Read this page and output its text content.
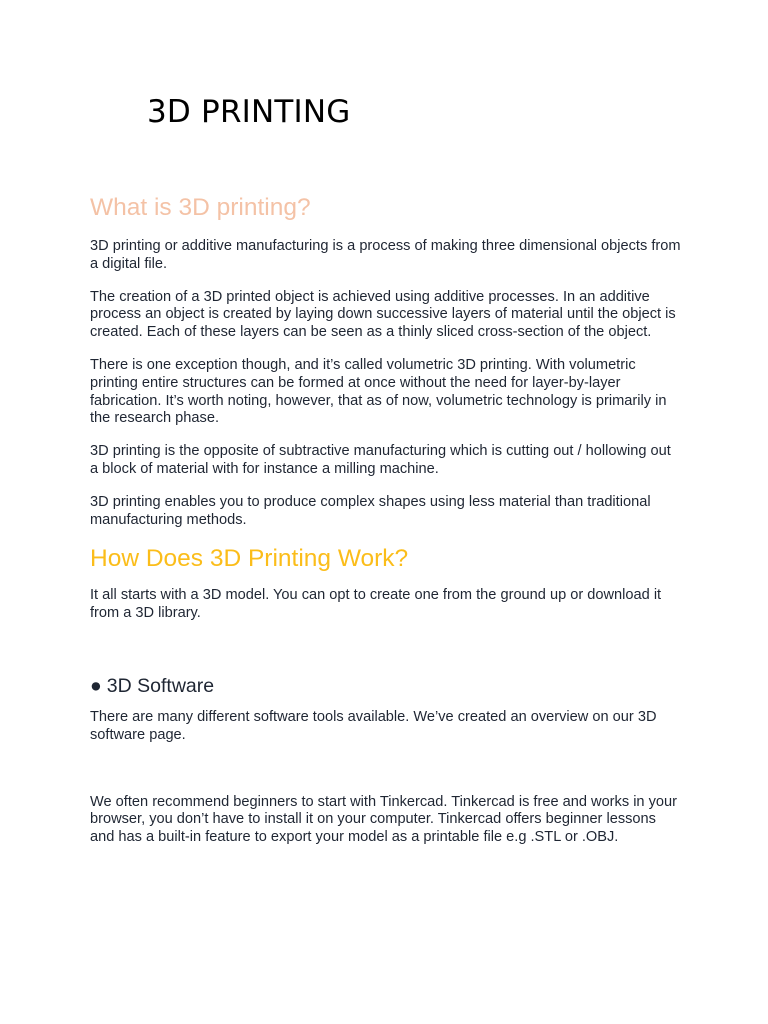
3D PRINTING
What is 3D printing?

3D printing or additive manufacturing is a process of making three dimensional objects from a digital file.

The creation of a 3D printed object is achieved using additive processes. In an additive process an object is created by laying down successive layers of material until the object is created. Each of these layers can be seen as a thinly sliced cross-section of the object.

There is one exception though, and it’s called volumetric 3D printing. With volumetric printing entire structures can be formed at once without the need for layer-by-layer fabrication. It’s worth noting, however, that as of now, volumetric technology is primarily in the research phase.

3D printing is the opposite of subtractive manufacturing which is cutting out / hollowing out a block of material with for instance a milling machine.

3D printing enables you to produce complex shapes using less material than traditional manufacturing methods.

How Does 3D Printing Work?

It all starts with a 3D model. You can opt to create one from the ground up or download it from a 3D library.

● 3D Software

There are many different software tools available. We’ve created an overview on our 3D software page.

We often recommend beginners to start with Tinkercad. Tinkercad is free and works in your browser, you don’t have to install it on your computer. Tinkercad offers beginner lessons and has a built-in feature to export your model as a printable file e.g .STL or .OBJ.
